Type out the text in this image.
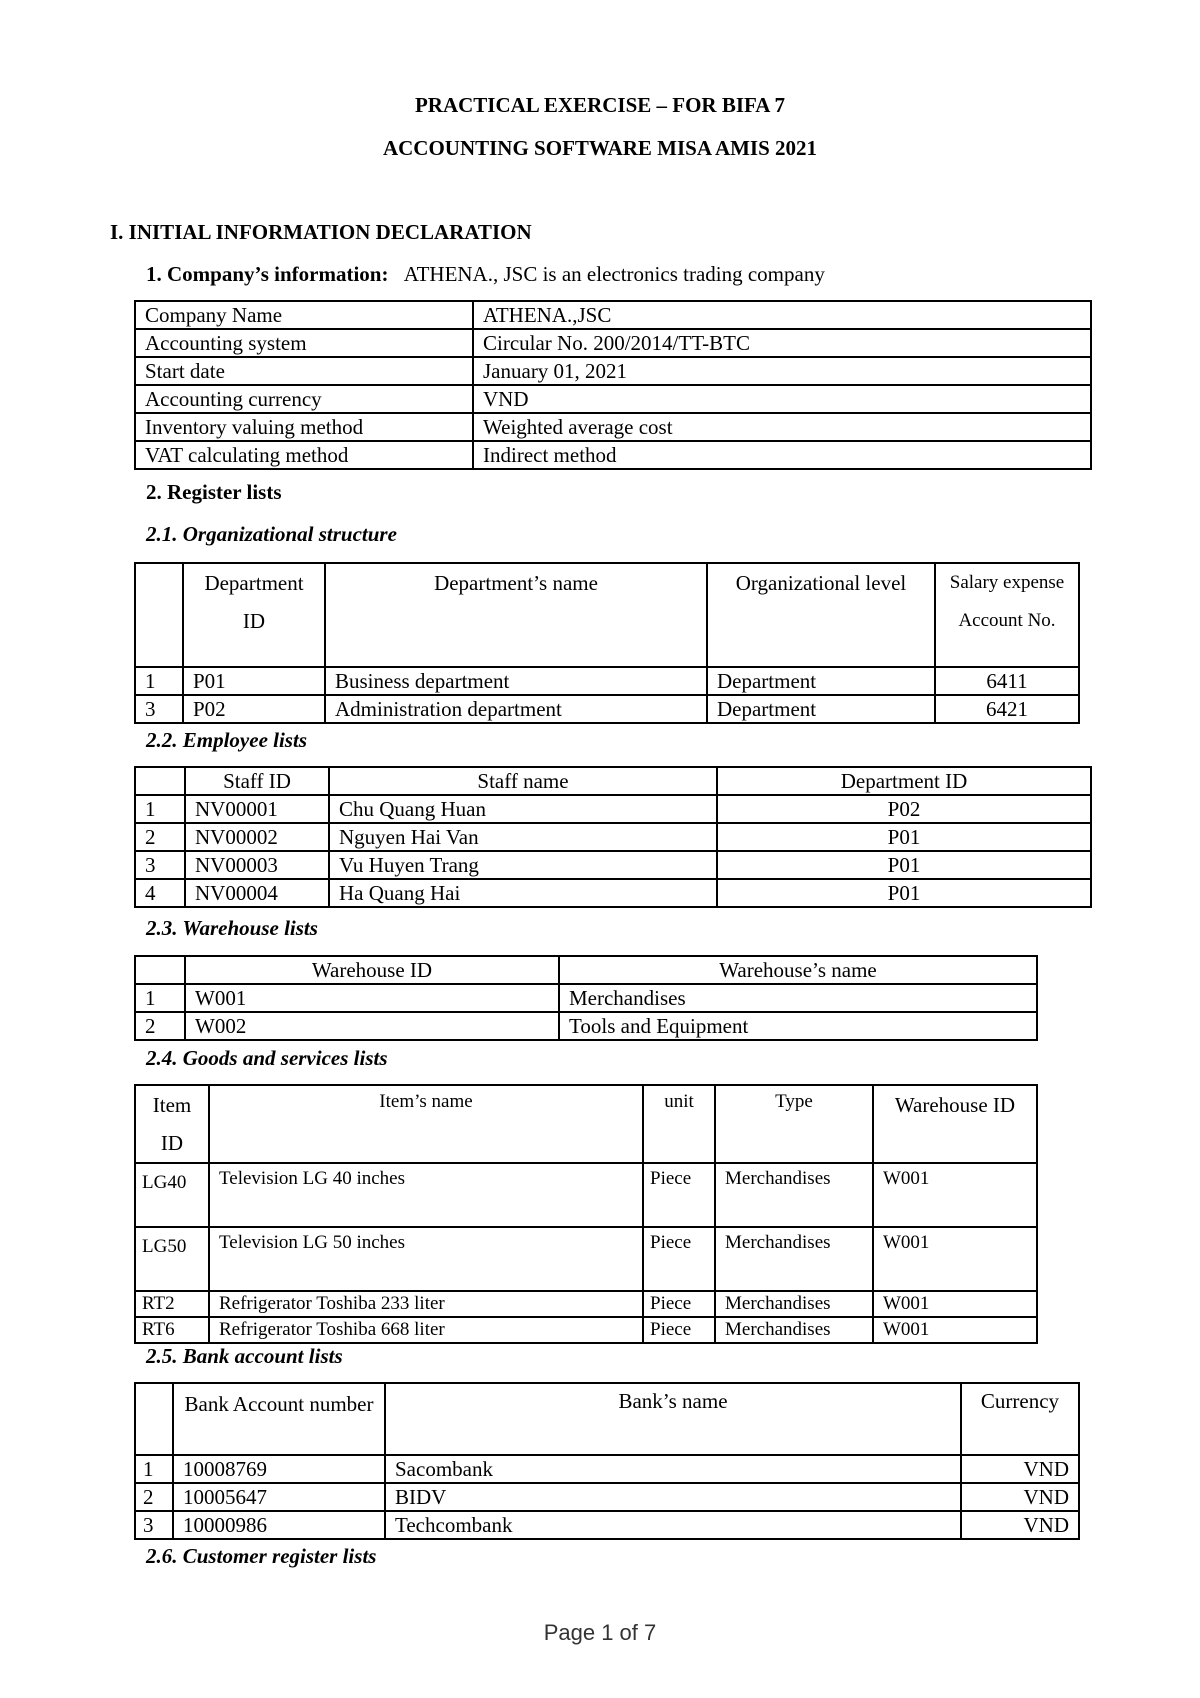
PRACTICAL EXERCISE – FOR BIFA 7
ACCOUNTING SOFTWARE MISA AMIS 2021
I. INITIAL INFORMATION DECLARATION
1. Company’s information: ATHENA., JSC is an electronics trading company
Company Name	ATHENA.,JSC
Accounting system	Circular No. 200/2014/TT-BTC
Start date	January 01, 2021
Accounting currency	VND
Inventory valuing method	Weighted average cost
VAT calculating method	Indirect method
2. Register lists
2.1. Organizational structure
	Department ID	Department’s name	Organizational level	Salary expense Account No.
1	P01	Business department	Department	6411
3	P02	Administration department	Department	6421
2.2. Employee lists
	Staff ID	Staff name	Department ID
1	NV00001	Chu Quang Huan	P02
2	NV00002	Nguyen Hai Van	P01
3	NV00003	Vu Huyen Trang	P01
4	NV00004	Ha Quang Hai	P01
2.3. Warehouse lists
	Warehouse ID	Warehouse’s name
1	W001	Merchandises
2	W002	Tools and Equipment
2.4. Goods and services lists
Item ID	Item’s name	unit	Type	Warehouse ID
LG40	Television LG 40 inches	Piece	Merchandises	W001
LG50	Television LG 50 inches	Piece	Merchandises	W001
RT2	Refrigerator Toshiba 233 liter	Piece	Merchandises	W001
RT6	Refrigerator Toshiba 668 liter	Piece	Merchandises	W001
2.5. Bank account lists
	Bank Account number	Bank’s name	Currency
1	10008769	Sacombank	VND
2	10005647	BIDV	VND
3	10000986	Techcombank	VND
2.6. Customer register lists
Page 1 of 7
